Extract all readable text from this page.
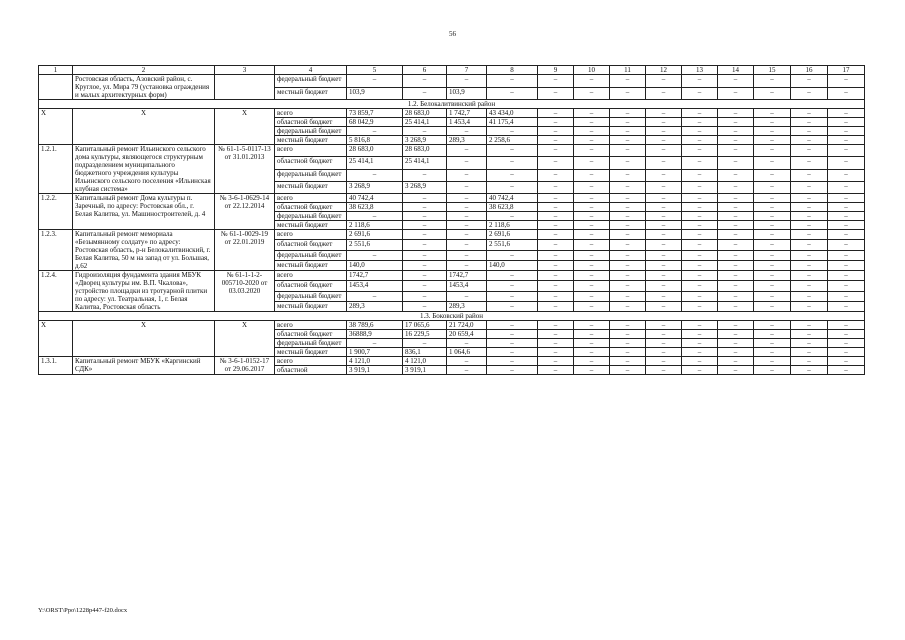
56
1	2	3	4	5	6	7	8	9	10	11	12	13	14	15	16	17
	Ростовская область, Азовский район, с. Круглое, ул. Мира 79 (установка ограждения и малых архитектурных форм)		федеральный бюджет	–	–	–	–	–	–	–	–	–	–	–	–	–
			местный бюджет	103,9	–	103,9	–	–	–	–	–	–	–	–	–	–
1.2. Белокалитвинский район																
X	X	X	всего	73 859,7	28 683,0	1 742,7	43 434,0	–	–	–	–	–	–	–	–	–
			областной бюджет	68 042,9	25 414,1	1 453,4	41 175,4	–	–	–	–	–	–	–	–	–
			федеральный бюджет	–	–	–	–	–	–	–	–	–	–	–	–	–
			местный бюджет	5 816,8	3 268,9	289,3	2 258,6	–	–	–	–	–	–	–	–	–
1.2.1.	Капитальный ремонт Ильинского сельского дома культуры, являющегося структурным подразделением муниципального бюджетного учреждения культуры Ильинского сельского поселения «Ильинская клубная система»	№ 61-1-5-0117-13 от 31.01.2013	всего	28 683,0	28 683,0	–	–	–	–	–	–	–	–	–	–	–
			областной бюджет	25 414,1	25 414,1	–	–	–	–	–	–	–	–	–	–	–
			федеральный бюджет	–	–	–	–	–	–	–	–	–	–	–	–	–
			местный бюджет	3 268,9	3 268,9	–	–	–	–	–	–	–	–	–	–	–
1.2.2.	Капитальный ремонт Дома культуры п. Заречный, по адресу: Ростовская обл., г. Белая Калитва, ул. Машиностроителей, д. 4	№ 3-6-1-0629-14 от 22.12.2014	всего	40 742,4	–	–	40 742,4	–	–	–	–	–	–	–	–	–
			областной бюджет	38 623,8	–	–	38 623,8	–	–	–	–	–	–	–	–	–
			федеральный бюджет	–	–	–	–	–	–	–	–	–	–	–	–	–
			местный бюджет	2 118,6	–	–	2 118,6	–	–	–	–	–	–	–	–	–
1.2.3.	Капитальный ремонт мемориала «Безымянному солдату» по адресу: Ростовская область, р-н Белокалитвинский, г. Белая Калитва, 50 м на запад от ул. Большая, д.62	№ 61-1-0029-19 от 22.01.2019	всего	2 691,6	–	–	2 691,6	–	–	–	–	–	–	–	–	–
			областной бюджет	2 551,6	–	–	2 551,6	–	–	–	–	–	–	–	–	–
			федеральный бюджет	–	–	–	–	–	–	–	–	–	–	–	–	–
			местный бюджет	140,0	–	–	140,0	–	–	–	–	–	–	–	–	–
1.2.4.	Гидроизоляция фундамента здания МБУК «Дворец культуры им. В.П. Чкалова», устройство площадки из тротуарной плитки по адресу: ул. Театральная, 1, г. Белая Калитва, Ростовская область	№ 61-1-1-2-005710-2020 от 03.03.2020	всего	1742,7	–	1742,7	–	–	–	–	–	–	–	–	–	–
			областной бюджет	1453,4	–	1453,4	–	–	–	–	–	–	–	–	–	–
			федеральный бюджет	–	–	–	–	–	–	–	–	–	–	–	–	–
			местный бюджет	289,3	–	289,3	–	–	–	–	–	–	–	–	–	–
1.3. Боковский район																
X	X	X	всего	38 789,6	17 065,6	21 724,0	–	–	–	–	–	–	–	–	–	–
			областной бюджет	36888,9	16 229,5	20 659,4	–	–	–	–	–	–	–	–	–	–
			федеральный бюджет	–	–	–	–	–	–	–	–	–	–	–	–	–
			местный бюджет	1 900,7	836,1	1 064,6	–	–	–	–	–	–	–	–	–	–
1.3.1.	Капитальный ремонт МБУК «Каргинский СДК»	№ 3-6-1-0152-17 от 29.06.2017	всего	4 121,0	4 121,0	–	–	–	–	–	–	–	–	–	–	–
			областной	3 919,1	3 919,1	–	–	–	–	–	–	–	–	–	–	–
Y:\ORST\Ppo\1228p447-f20.docx
